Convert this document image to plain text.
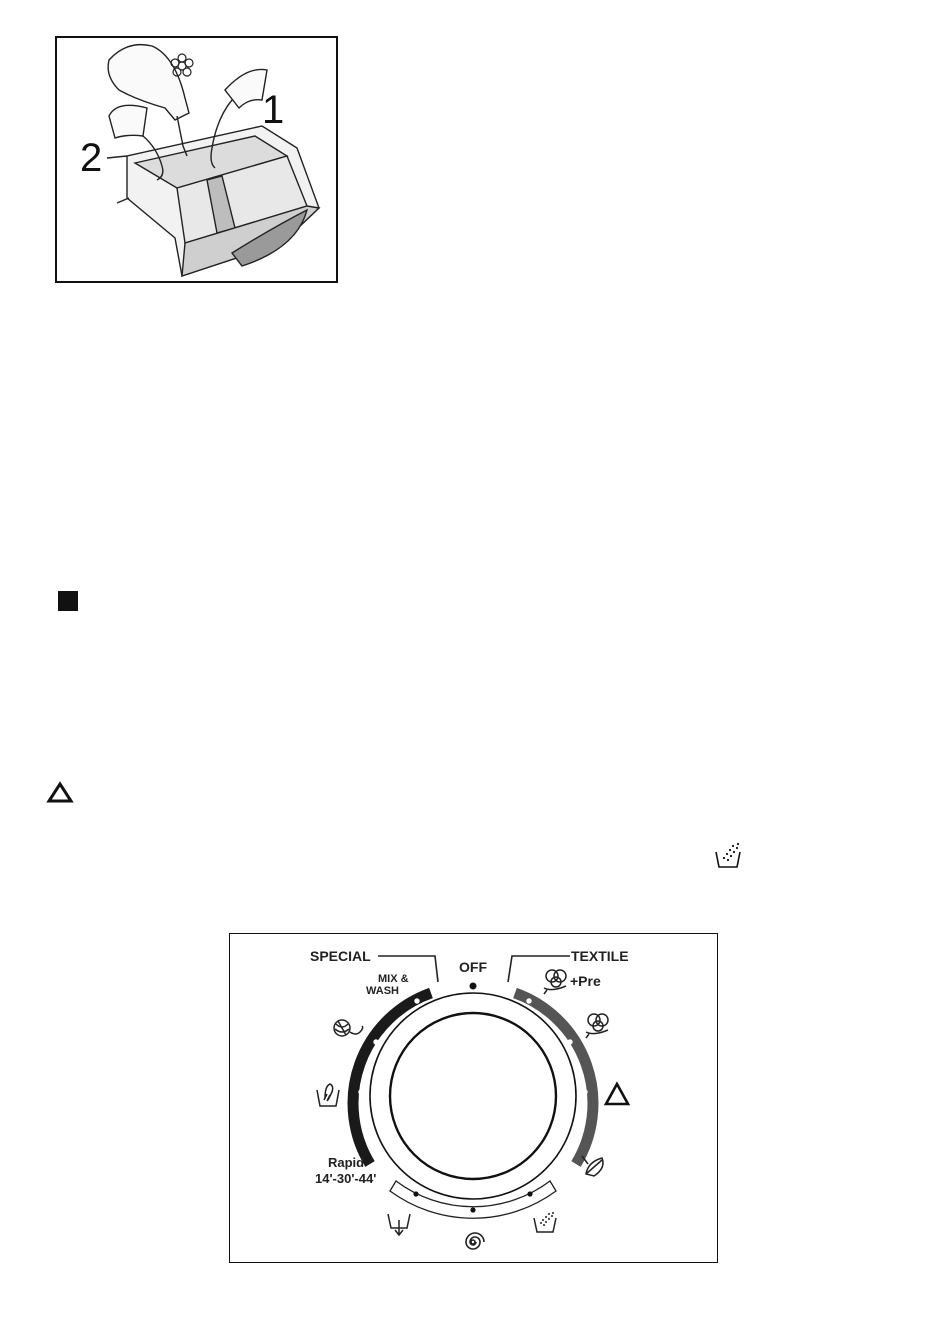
1
2
SPECIAL	TEXTILE
OFF
MIX &
WASH
Rapid
14'-30'-44'
+Pre
